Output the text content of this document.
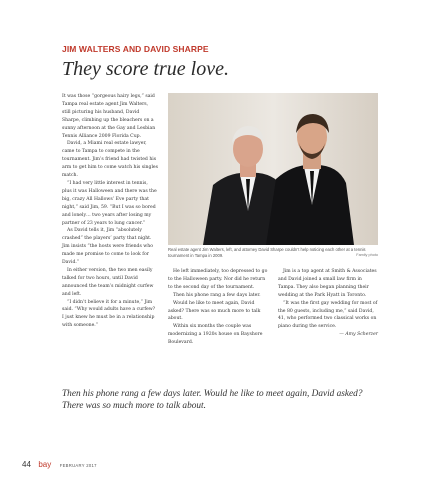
JIM WALTERS AND DAVID SHARPE
They score true love.

It was those “gorgeous hairy legs,” said Tampa real estate agent Jim Walters, still picturing his husband, David Sharpe, climbing up the bleachers on a sunny afternoon at the Gay and Lesbian Tennis Alliance 2009 Florida Cup.

David, a Miami real estate lawyer, came to Tampa to compete in the tournament. Jim’s friend had twisted his arm to get him to come watch his singles match.

“I had very little interest in tennis, plus it was Halloween and there was the big, crazy All Hallows’ Eve party that night,” said Jim, 59. “But I was so bored and lonely… two years after losing my partner of 23 years to lung cancer.”

As David tells it, Jim “absolutely crashed” the players’ party that night. Jim insists “the hosts were friends who made me promise to come to look for David.”

In either version, the two men easily talked for two hours, until David announced the team’s midnight curfew and left.

“I didn’t believe it for a minute,” Jim said. “Why would adults have a curfew? I just knew he must be in a relationship with someone.”

Real estate agent Jim Walters, left, and attorney David Sharpe couldn’t help noticing each other at a tennis tournament in Tampa in 2009.	Family photo

He left immediately, too depressed to go to the Halloween party. Nor did he return to the second day of the tournament.

Then his phone rang a few days later.

Would he like to meet again, David asked? There was so much more to talk about.

Within six months the couple was modernizing a 1920s house on Bayshore Boulevard.

Jim is a top agent at Smith & Associates and David joined a small law firm in Tampa. They also began planning their wedding at the Park Hyatt in Toronto.

“It was the first gay wedding for most of the 80 guests, including me,” said David, 41, who performed two classical works on piano during the service.

— Amy Scherzer

Then his phone rang a few days later. Would he like to meet again, David asked? There was so much more to talk about.
44 bay FEBRUARY 2017
